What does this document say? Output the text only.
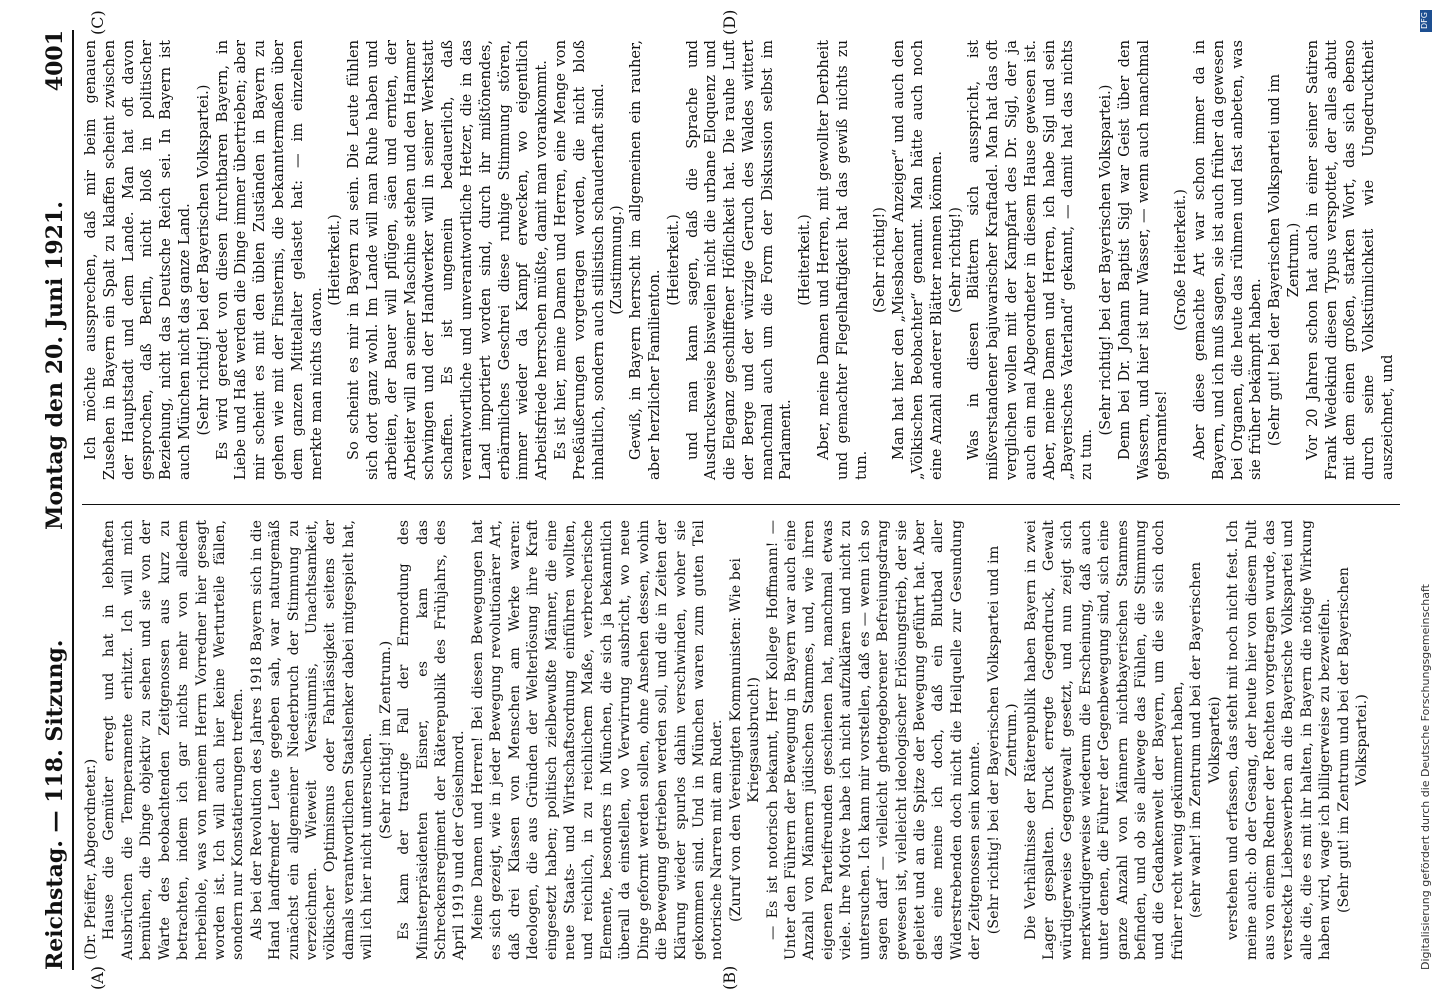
Reichstag. — 118. Sitzung.
Montag den 20. Juni 1921.
4001
(A)	(B)
(C)	(D)

(Dr. Pfeiffer, Abgeordneter.) Hause die Gemüter erregt und hat in lebhaften Ausbrüchen die Temperamente erhitzt. Ich will mich bemühen, die Dinge objektiv zu sehen und sie von der Warte des beobachtenden Zeitgenossen aus kurz zu betrachten, indem ich gar nichts mehr von alledem herbeihole, was von meinem Herrn Vorredner hier gesagt worden ist. Ich will auch hier keine Werturteile fällen, sondern nur Konstatierungen treffen. Als bei der Revolution des Jahres 1918 Bayern sich in die Hand landfremder Leute gegeben sah, war naturgemäß zunächst ein allgemeiner Niederbruch der Stimmung zu verzeichnen. Wieweit Versäumnis, Unachtsamkeit, völkischer Optimismus oder Fahrlässigkeit seitens der damals verantwortlichen Staatslenker dabei mitgespielt hat, will ich hier nicht untersuchen. (Sehr richtig! im Zentrum.) Es kam der traurige Fall der Ermordung des Ministerpräsidenten Eisner, es kam das Schreckensregiment der Räterepublik des Frühjahrs, des April 1919 und der Geiselmord. Meine Damen und Herren! Bei diesen Bewegungen hat es sich gezeigt, wie in jeder Bewegung revolutionärer Art, daß drei Klassen von Menschen am Werke waren: Ideologen, die aus Gründen der Welterlösung ihre Kraft eingesetzt haben; politisch zielbewußte Männer, die eine neue Staats- und Wirtschaftsordnung einführen wollten, und reichlich, in zu reichlichem Maße, verbrecherische Elemente, besonders in München, die sich ja bekanntlich überall da einstellen, wo Verwirrung ausbricht, wo neue Dinge geformt werden sollen, ohne Ansehen dessen, wohin die Bewegung getrieben werden soll, und die in Zeiten der Klärung wieder spurlos dahin verschwinden, woher sie gekommen sind. Und in München waren zum guten Teil notorische Narren mit am Ruder. (Zuruf von den Vereinigten Kommunisten: Wie bei Kriegsausbruch!) — Es ist notorisch bekannt, Herr Kollege Hoffmann! — Unter den Führern der Bewegung in Bayern war auch eine Anzahl von Männern jüdischen Stammes, und, wie ihren eigenen Parteifreunden geschienen hat, manchmal etwas viele. Ihre Motive habe ich nicht aufzuklären und nicht zu untersuchen. Ich kann mir vorstellen, daß es — wenn ich so sagen darf — vielleicht ghettogeborener Befreiungsdrang gewesen ist, vielleicht ideologischer Erlösungstrieb, der sie geleitet und an die Spitze der Bewegung geführt hat. Aber das eine meine ich doch, daß ein Blutbad aller Widerstrebenden doch nicht die Heilquelle zur Gesundung der Zeitgenossen sein konnte. (Sehr richtig! bei der Bayerischen Volkspartei und im Zentrum.) Die Verhältnisse der Räterepublik haben Bayern in zwei Lager gespalten. Druck erregte Gegendruck, Gewalt würdigerweise Gegengewalt gesetzt, und nun zeigt sich merkwürdigerweise wiederum die Erscheinung, daß auch unter denen, die Führer der Gegenbewegung sind, sich eine ganze Anzahl von Männern nichtbayerischen Stammes befinden, und ob sie allewege das Fühlen, die Stimmung und die Gedankenwelt der Bayern, um die sie sich doch früher recht wenig gekümmert haben, (sehr wahr! im Zentrum und bei der Bayerischen Volkspartei) verstehen und erfassen, das steht mit noch nicht fest. Ich meine auch: ob der Gesang, der heute hier von diesem Pult aus von einem Redner der Rechten vorgetragen wurde, das versteckte Liebeswerben an die Bayerische Volkspartei und alle die, die es mit ihr halten, in Bayern die nötige Wirkung haben wird, wage ich billigerweise zu bezweifeln. (Sehr gut! im Zentrum und bei der Bayerischen Volkspartei.)

Ich möchte aussprechen, daß mir beim genauen Zusehen in Bayern ein Spalt zu klaffen scheint zwischen der Hauptstadt und dem Lande. Man hat oft davon gesprochen, daß Berlin, nicht bloß in politischer Beziehung, nicht das Deutsche Reich sei. In Bayern ist auch München nicht das ganze Land. (Sehr richtig! bei der Bayerischen Volkspartei.) Es wird geredet von diesen furchtbaren Bayern, in Liebe und Haß werden die Dinge immer übertrieben; aber mir scheint es mit den üblen Zuständen in Bayern zu gehen wie mit der Finsternis, die bekanntermaßen über dem ganzen Mittelalter gelastet hat: — im einzelnen merkte man nichts davon.

(Heiterkeit.) So scheint es mir in Bayern zu sein. Die Leute fühlen sich dort ganz wohl. Im Lande will man Ruhe haben und arbeiten, der Bauer will pflügen, säen und ernten, der Arbeiter will an seiner Maschine stehen und den Hammer schwingen und der Handwerker will in seiner Werkstatt schaffen. Es ist ungemein bedauerlich, daß verantwortliche und unverantwortliche Hetzer, die in das Land importiert worden sind, durch ihr mißtönendes, erbärmliches Geschrei diese ruhige Stimmung stören, immer wieder da Kampf erwecken, wo eigentlich Arbeitsfriede herrschen müßte, damit man vorankommt. Es ist hier, meine Damen und Herren, eine Menge von Preßäußerungen vorgetragen worden, die nicht bloß inhaltlich, sondern auch stilistisch schauderhaft sind. (Zustimmung.) Gewiß, in Bayern herrscht im allgemeinen ein rauher, aber herzlicher Familienton.

(Heiterkeit.) und man kann sagen, daß die Sprache und Ausdrucksweise bisweilen nicht die urbane Eloquenz und die Eleganz geschliffener Höflichkeit hat. Die rauhe Luft der Berge und der würzige Geruch des Waldes wittert manchmal auch um die Form der Diskussion selbst im Parlament.

(Heiterkeit.) Aber, meine Damen und Herren, mit gewollter Derbheit und gemachter Flegelhaftigkeit hat das gewiß nichts zu tun.

(Sehr richtig!) Man hat hier den „Miesbacher Anzeiger“ und auch den „Völkischen Beobachter“ genannt. Man hätte auch noch eine Anzahl anderer Blätter nennen können. (Sehr richtig!) Was in diesen Blättern sich ausspricht, ist mißverstandener bajuwarischer Kraftadel. Man hat das oft verglichen wollen mit der Kampfart des Dr. Sigl, der ja auch ein mal Abgeordneter in diesem Hause gewesen ist. Aber, meine Damen und Herren, ich habe Sigl und sein „Bayerisches Vaterland“ gekannt, — damit hat das nichts zu tun.

(Sehr richtig! bei der Bayerischen Volkspartei.) Denn bei Dr. Johann Baptist Sigl war Geist über den Wassern, und hier ist nur Wasser, — wenn auch manchmal gebranntes!

(Große Heiterkeit.) Aber diese gemachte Art war schon immer da in Bayern, und ich muß sagen, sie ist auch früher da gewesen bei Organen, die heute das rühmen und fast anbeten, was sie früher bekämpft haben. (Sehr gut! bei der Bayerischen Volkspartei und im Zentrum.) Vor 20 Jahren schon hat auch in einer seiner Satiren Frank Wedekind diesen Typus verspottet, der alles abtut mit dem einen großen, starken Wort, das sich ebenso durch seine Volkstümlichkeit wie Ungedrucktheit auszeichnet, und

Digitalisierung gefördert durch die Deutsche Forschungsgemeinschaft
DFG
